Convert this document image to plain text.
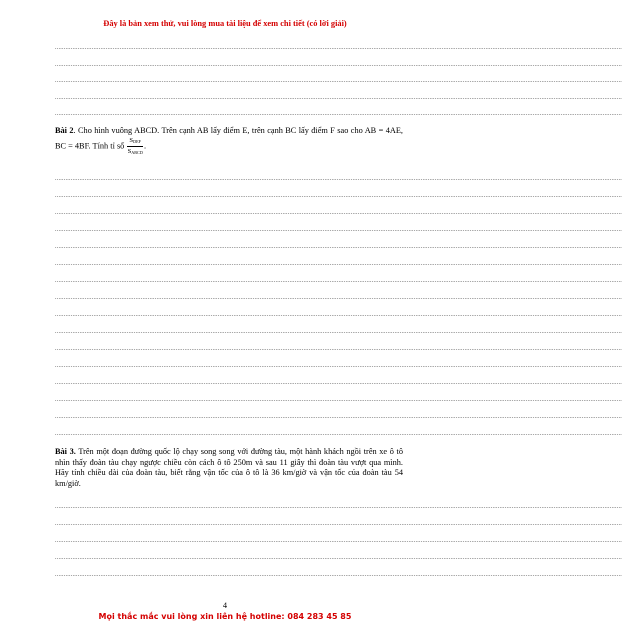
Đây là bản xem thử, vui lòng mua tài liệu để xem chi tiết (có lời giải)
....................................................................................................................................................................................................................................................................................................................................
....................................................................................................................................................................................................................................................................................................................................
....................................................................................................................................................................................................................................................................................................................................
....................................................................................................................................................................................................................................................................................................................................
....................................................................................................................................................................................................................................................................................................................................
Bài 2. Cho hình vuông ABCD. Trên cạnh AB lấy điểm E, trên cạnh BC lấy điểm F sao cho AB = 4AE, BC = 4BF. Tính tỉ số $\frac{S_{DEF}}{S_{ABCD}}$ .
....................................................................................................................................................................................................................................................................................................................................
....................................................................................................................................................................................................................................................................................................................................
....................................................................................................................................................................................................................................................................................................................................
....................................................................................................................................................................................................................................................................................................................................
....................................................................................................................................................................................................................................................................................................................................
....................................................................................................................................................................................................................................................................................................................................
....................................................................................................................................................................................................................................................................................................................................
....................................................................................................................................................................................................................................................................................................................................
....................................................................................................................................................................................................................................................................................................................................
....................................................................................................................................................................................................................................................................................................................................
....................................................................................................................................................................................................................................................................................................................................
....................................................................................................................................................................................................................................................................................................................................
....................................................................................................................................................................................................................................................................................................................................
....................................................................................................................................................................................................................................................................................................................................
....................................................................................................................................................................................................................................................................................................................................
....................................................................................................................................................................................................................................................................................................................................
Bài 3. Trên một đoạn đường quốc lộ chạy song song với đường tàu, một hành khách ngồi trên xe ô tô nhìn thấy đoàn tàu chạy ngược chiều còn cách ô tô 250m và sau 11 giây thì đoàn tàu vượt qua mình. Hãy tính chiều dài của đoàn tàu, biết rằng vận tốc của ô tô là 36 km/giờ và vận tốc của đoàn tàu 54 km/giờ.
....................................................................................................................................................................................................................................................................................................................................
....................................................................................................................................................................................................................................................................................................................................
....................................................................................................................................................................................................................................................................................................................................
....................................................................................................................................................................................................................................................................................................................................
....................................................................................................................................................................................................................................................................................................................................
4
Mọi thắc mắc vui lòng xin liên hệ hotline: 084 283 45 85
